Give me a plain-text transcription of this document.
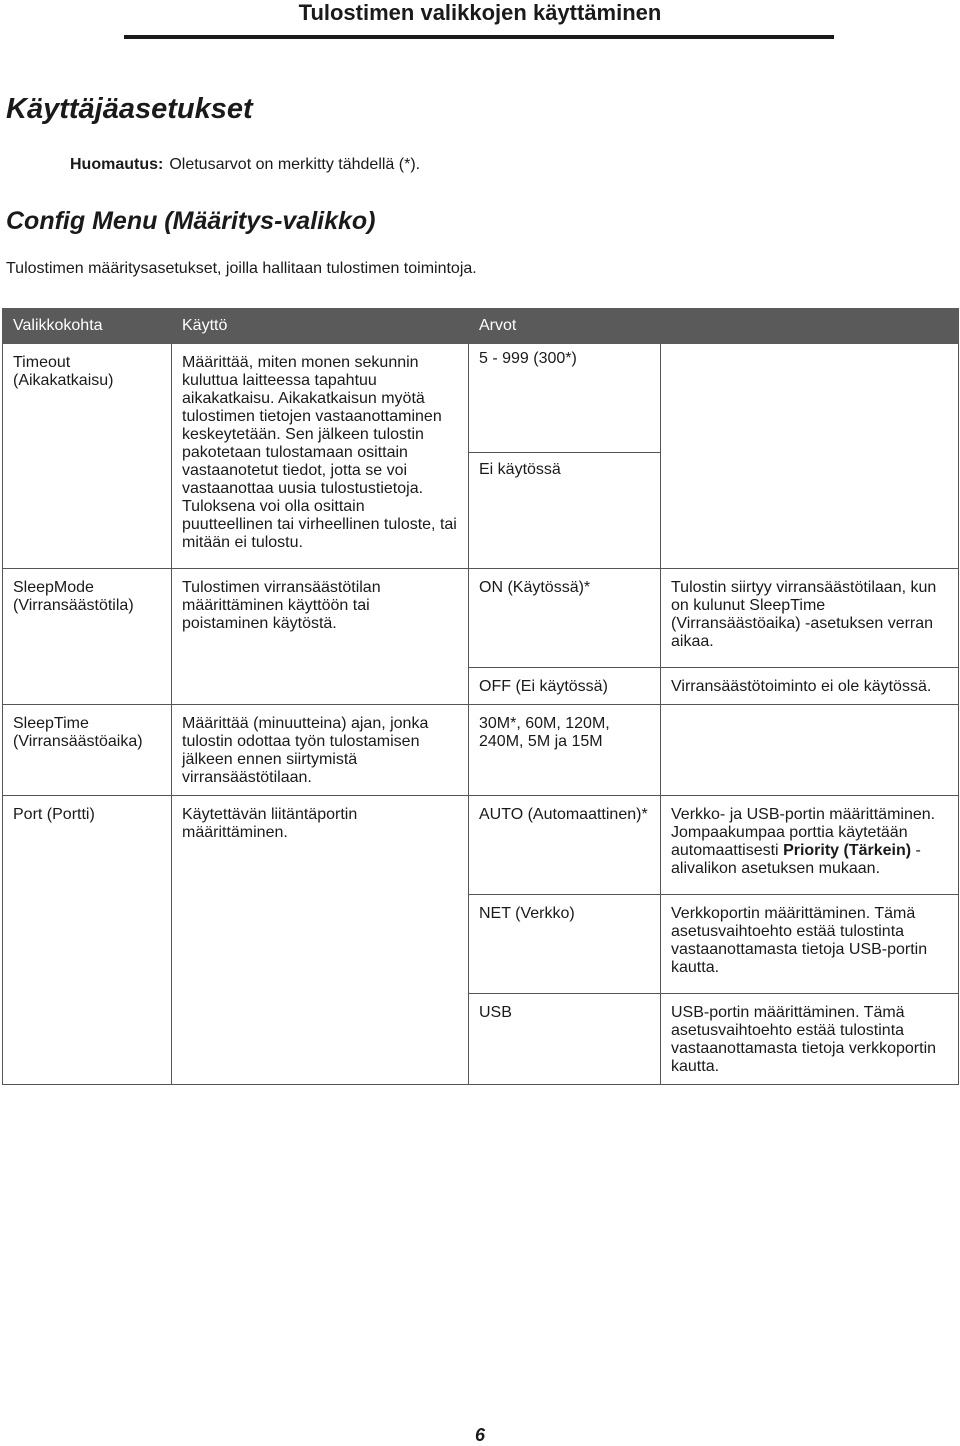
Tulostimen valikkojen käyttäminen
Käyttäjäasetukset
Huomautus: Oletusarvot on merkitty tähdellä (*).
Config Menu (Määritys-valikko)
Tulostimen määritysasetukset, joilla hallitaan tulostimen toimintoja.
Valikkokohta	Käyttö	Arvot	
Timeout (Aikakatkaisu)	Määrittää, miten monen sekunnin kuluttua laitteessa tapahtuu aikakatkaisu. Aikakatkaisun myötä tulostimen tietojen vastaanottaminen keskeytetään. Sen jälkeen tulostin pakotetaan tulostamaan osittain vastaanotetut tiedot, jotta se voi vastaanottaa uusia tulostustietoja. Tuloksena voi olla osittain puutteellinen tai virheellinen tuloste, tai mitään ei tulostu.	5 - 999 (300*)	
		Ei käytössä	
SleepMode (Virransäästötila)	Tulostimen virransäästötilan määrittäminen käyttöön tai poistaminen käytöstä.	ON (Käytössä)*	Tulostin siirtyy virransäästötilaan, kun on kulunut SleepTime (Virransäästöaika) -asetuksen verran aikaa.
		OFF (Ei käytössä)	Virransäästötoiminto ei ole käytössä.
SleepTime (Virransäästöaika)	Määrittää (minuutteina) ajan, jonka tulostin odottaa työn tulostamisen jälkeen ennen siirtymistä virransäästötilaan.	30M*, 60M, 120M, 240M, 5M ja 15M	
Port (Portti)	Käytettävän liitäntäportin määrittäminen.	AUTO (Automaattinen)*	Verkko- ja USB-portin määrittäminen. Jompaakumpaa porttia käytetään automaattisesti Priority (Tärkein) -alivalikon asetuksen mukaan.
		NET (Verkko)	Verkkoportin määrittäminen. Tämä asetusvaihtoehto estää tulostinta vastaanottamasta tietoja USB-portin kautta.
		USB	USB-portin määrittäminen. Tämä asetusvaihtoehto estää tulostinta vastaanottamasta tietoja verkkoportin kautta.
6
